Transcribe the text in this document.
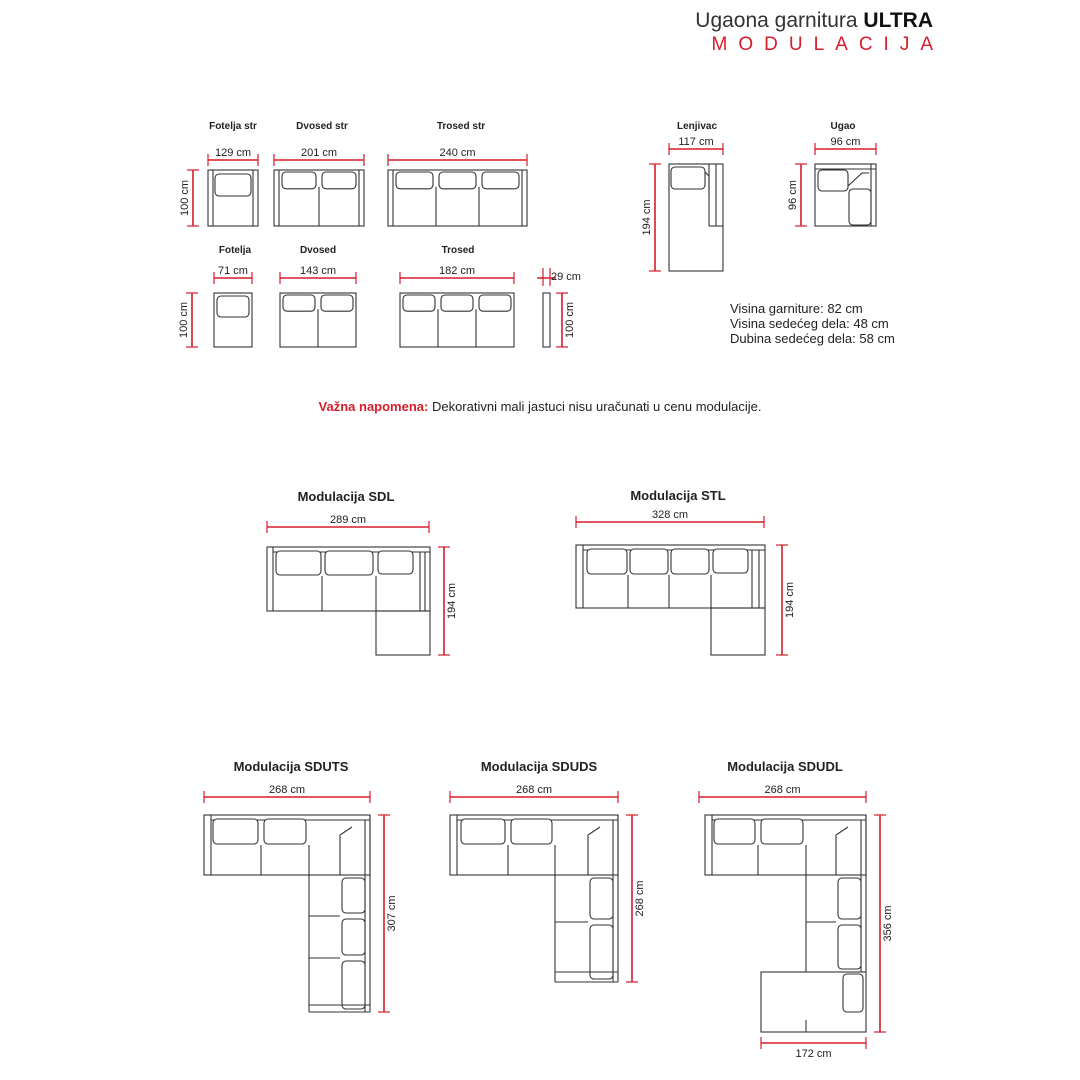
Ugaona garnitura ULTRA
MODULACIJA
Fotelja str
129 cm
100 cm
Dvosed str
201 cm
Trosed str
240 cm
Fotelja
71 cm
100 cm
Dvosed
143 cm
Trosed
182 cm	29 cm
100 cm
Lenjivac
117 cm
194 cm
Ugao
96 cm
96 cm
Modulacija SDL
289 cm
194 cm
Modulacija STL
328 cm
194 cm
Modulacija SDUTS
268 cm
307 cm
Modulacija SDUDS
268 cm
268 cm
Modulacija SDUDL
268 cm
356 cm
172 cm
Visina garniture: 82 cm
Visina sedećeg dela: 48 cm
Dubina sedećeg dela: 58 cm
Važna napomena: Dekorativni mali jastuci nisu uračunati u cenu modulacije.
